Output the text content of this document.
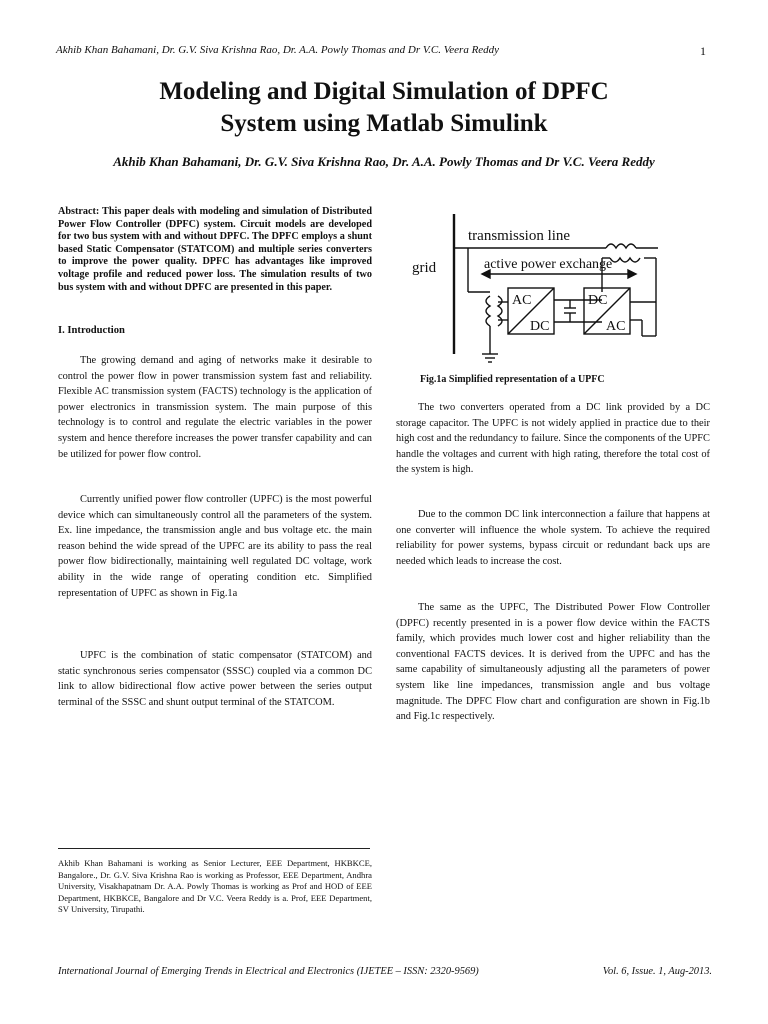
Akhib Khan Bahamani, Dr. G.V. Siva Krishna Rao, Dr. A.A. Powly Thomas and Dr V.C. Veera Reddy	1
Modeling and Digital Simulation of DPFC
System using Matlab Simulink
Akhib Khan Bahamani, Dr. G.V. Siva Krishna Rao, Dr. A.A. Powly Thomas and Dr V.C. Veera Reddy
Abstract: This paper deals with modeling and simulation of Distributed Power Flow Controller (DPFC) system. Circuit models are developed for two bus system with and without DPFC. The DPFC employs a shunt based Static Compensator (STATCOM) and multiple series converters to improve the power quality. DPFC has advantages like improved voltage profile and reduced power loss. The simulation results of two bus system with and without DPFC are presented in this paper.
I. Introduction

The growing demand and aging of networks make it desirable to control the power flow in power transmission system fast and reliability. Flexible AC transmission system (FACTS) technology is the application of power electronics in transmission system. The main purpose of this technology is to control and regulate the electric variables in the power system and hence therefore increases the power transfer capability and can be utilized for power flow control.

Currently unified power flow controller (UPFC) is the most powerful device which can simultaneously control all the parameters of the system. Ex. line impedance, the transmission angle and bus voltage etc. the main reason behind the wide spread of the UPFC are its ability to pass the real power flow bidirectionally, maintaining well regulated DC voltage, work ability in the wide range of operating condition etc. Simplified representation of UPFC as shown in Fig.1a

UPFC is the combination of static compensator (STATCOM) and static synchronous series compensator (SSSC) coupled via a common DC link to allow bidirectional flow active power between the series output terminal of the SSSC and shunt output terminal of the STATCOM.

transmission line
grid	active power exchange
AC
DC
DC
AC
Fig.1a Simplified representation of a UPFC

The two converters operated from a DC link provided by a DC storage capacitor. The UPFC is not widely applied in practice due to their high cost and the redundancy to failure. Since the components of the UPFC handle the voltages and current with high rating, therefore the total cost of the system is high.

Due to the common DC link interconnection a failure that happens at one converter will influence the whole system. To achieve the required reliability for power systems, bypass circuit or redundant back ups are needed which leads to increase the cost.

The same as the UPFC, The Distributed Power Flow Controller (DPFC) recently presented in is a power flow device within the FACTS family, which provides much lower cost and higher reliability than the conventional FACTS devices. It is derived from the UPFC and has the same capability of simultaneously adjusting all the parameters of power system like line impedances, transmission angle and bus voltage magnitude. The DPFC Flow chart and configuration are shown in Fig.1b and Fig.1c respectively.

Akhib Khan Bahamani is working as Senior Lecturer, EEE Department, HKBKCE, Bangalore., Dr. G.V. Siva Krishna Rao is working as Professor, EEE Department, Andhra University, Visakhapatnam Dr. A.A. Powly Thomas is working as Prof and HOD of EEE Department, HKBKCE, Bangalore and Dr V.C. Veera Reddy is a. Prof, EEE Department, SV University, Tirupathi.
International Journal of Emerging Trends in Electrical and Electronics (IJETEE – ISSN: 2320-9569)	Vol. 6, Issue. 1, Aug-2013.
